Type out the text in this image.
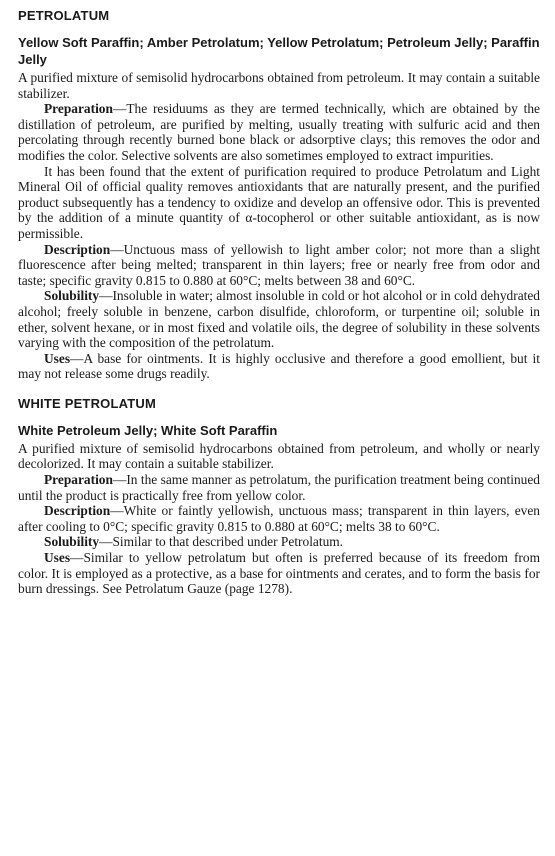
PETROLATUM
Yellow Soft Paraffin; Amber Petrolatum; Yellow Petrolatum; Petroleum Jelly; Paraffin Jelly

A purified mixture of semisolid hydrocarbons obtained from petroleum. It may contain a suitable stabilizer.

Preparation—The residuums as they are termed technically, which are obtained by the distillation of petroleum, are purified by melting, usually treating with sulfuric acid and then percolating through recently burned bone black or adsorptive clays; this removes the odor and modifies the color. Selective solvents are also sometimes employed to extract impurities.

It has been found that the extent of purification required to produce Petrolatum and Light Mineral Oil of official quality removes antioxidants that are naturally present, and the purified product subsequently has a tendency to oxidize and develop an offensive odor. This is prevented by the addition of a minute quantity of α-tocopherol or other suitable antioxidant, as is now permissible.

Description—Unctuous mass of yellowish to light amber color; not more than a slight fluorescence after being melted; transparent in thin layers; free or nearly free from odor and taste; specific gravity 0.815 to 0.880 at 60°C; melts between 38 and 60°C.

Solubility—Insoluble in water; almost insoluble in cold or hot alcohol or in cold dehydrated alcohol; freely soluble in benzene, carbon disulfide, chloroform, or turpentine oil; soluble in ether, solvent hexane, or in most fixed and volatile oils, the degree of solubility in these solvents varying with the composition of the petrolatum.

Uses—A base for ointments. It is highly occlusive and therefore a good emollient, but it may not release some drugs readily.

WHITE PETROLATUM
White Petroleum Jelly; White Soft Paraffin

A purified mixture of semisolid hydrocarbons obtained from petroleum, and wholly or nearly decolorized. It may contain a suitable stabilizer.

Preparation—In the same manner as petrolatum, the purification treatment being continued until the product is practically free from yellow color.

Description—White or faintly yellowish, unctuous mass; transparent in thin layers, even after cooling to 0°C; specific gravity 0.815 to 0.880 at 60°C; melts 38 to 60°C.

Solubility—Similar to that described under Petrolatum.

Uses—Similar to yellow petrolatum but often is preferred because of its freedom from color. It is employed as a protective, as a base for ointments and cerates, and to form the basis for burn dressings. See Petrolatum Gauze (page 1278).
